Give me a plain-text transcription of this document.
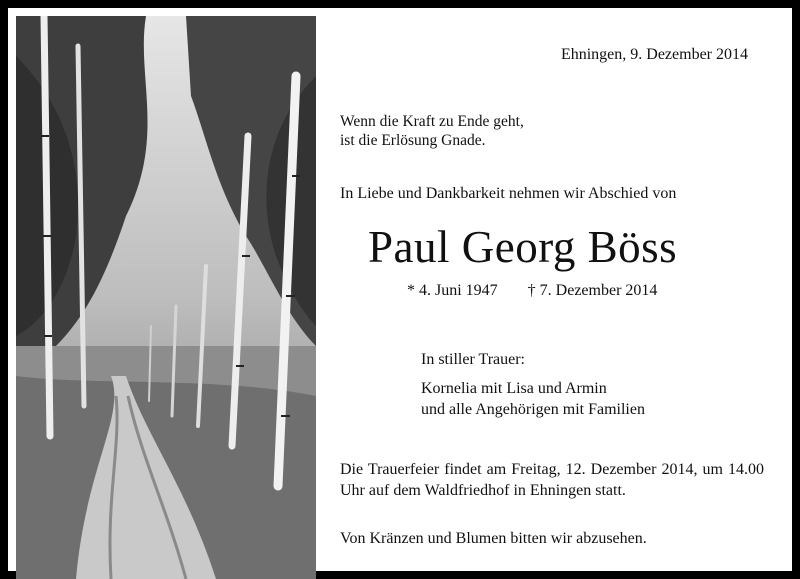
Ehningen, 9. Dezember 2014
Wenn die Kraft zu Ende geht,
ist die Erlösung Gnade.
In Liebe und Dankbarkeit nehmen wir Abschied von
Paul Georg Böss
* 4. Juni 1947 † 7. Dezember 2014
In stiller Trauer:
Kornelia mit Lisa und Armin
und alle Angehörigen mit Familien
Die Trauerfeier findet am Freitag, 12. Dezember 2014, um 14.00 Uhr auf dem Waldfriedhof in Ehningen statt.
Von Kränzen und Blumen bitten wir abzusehen.
